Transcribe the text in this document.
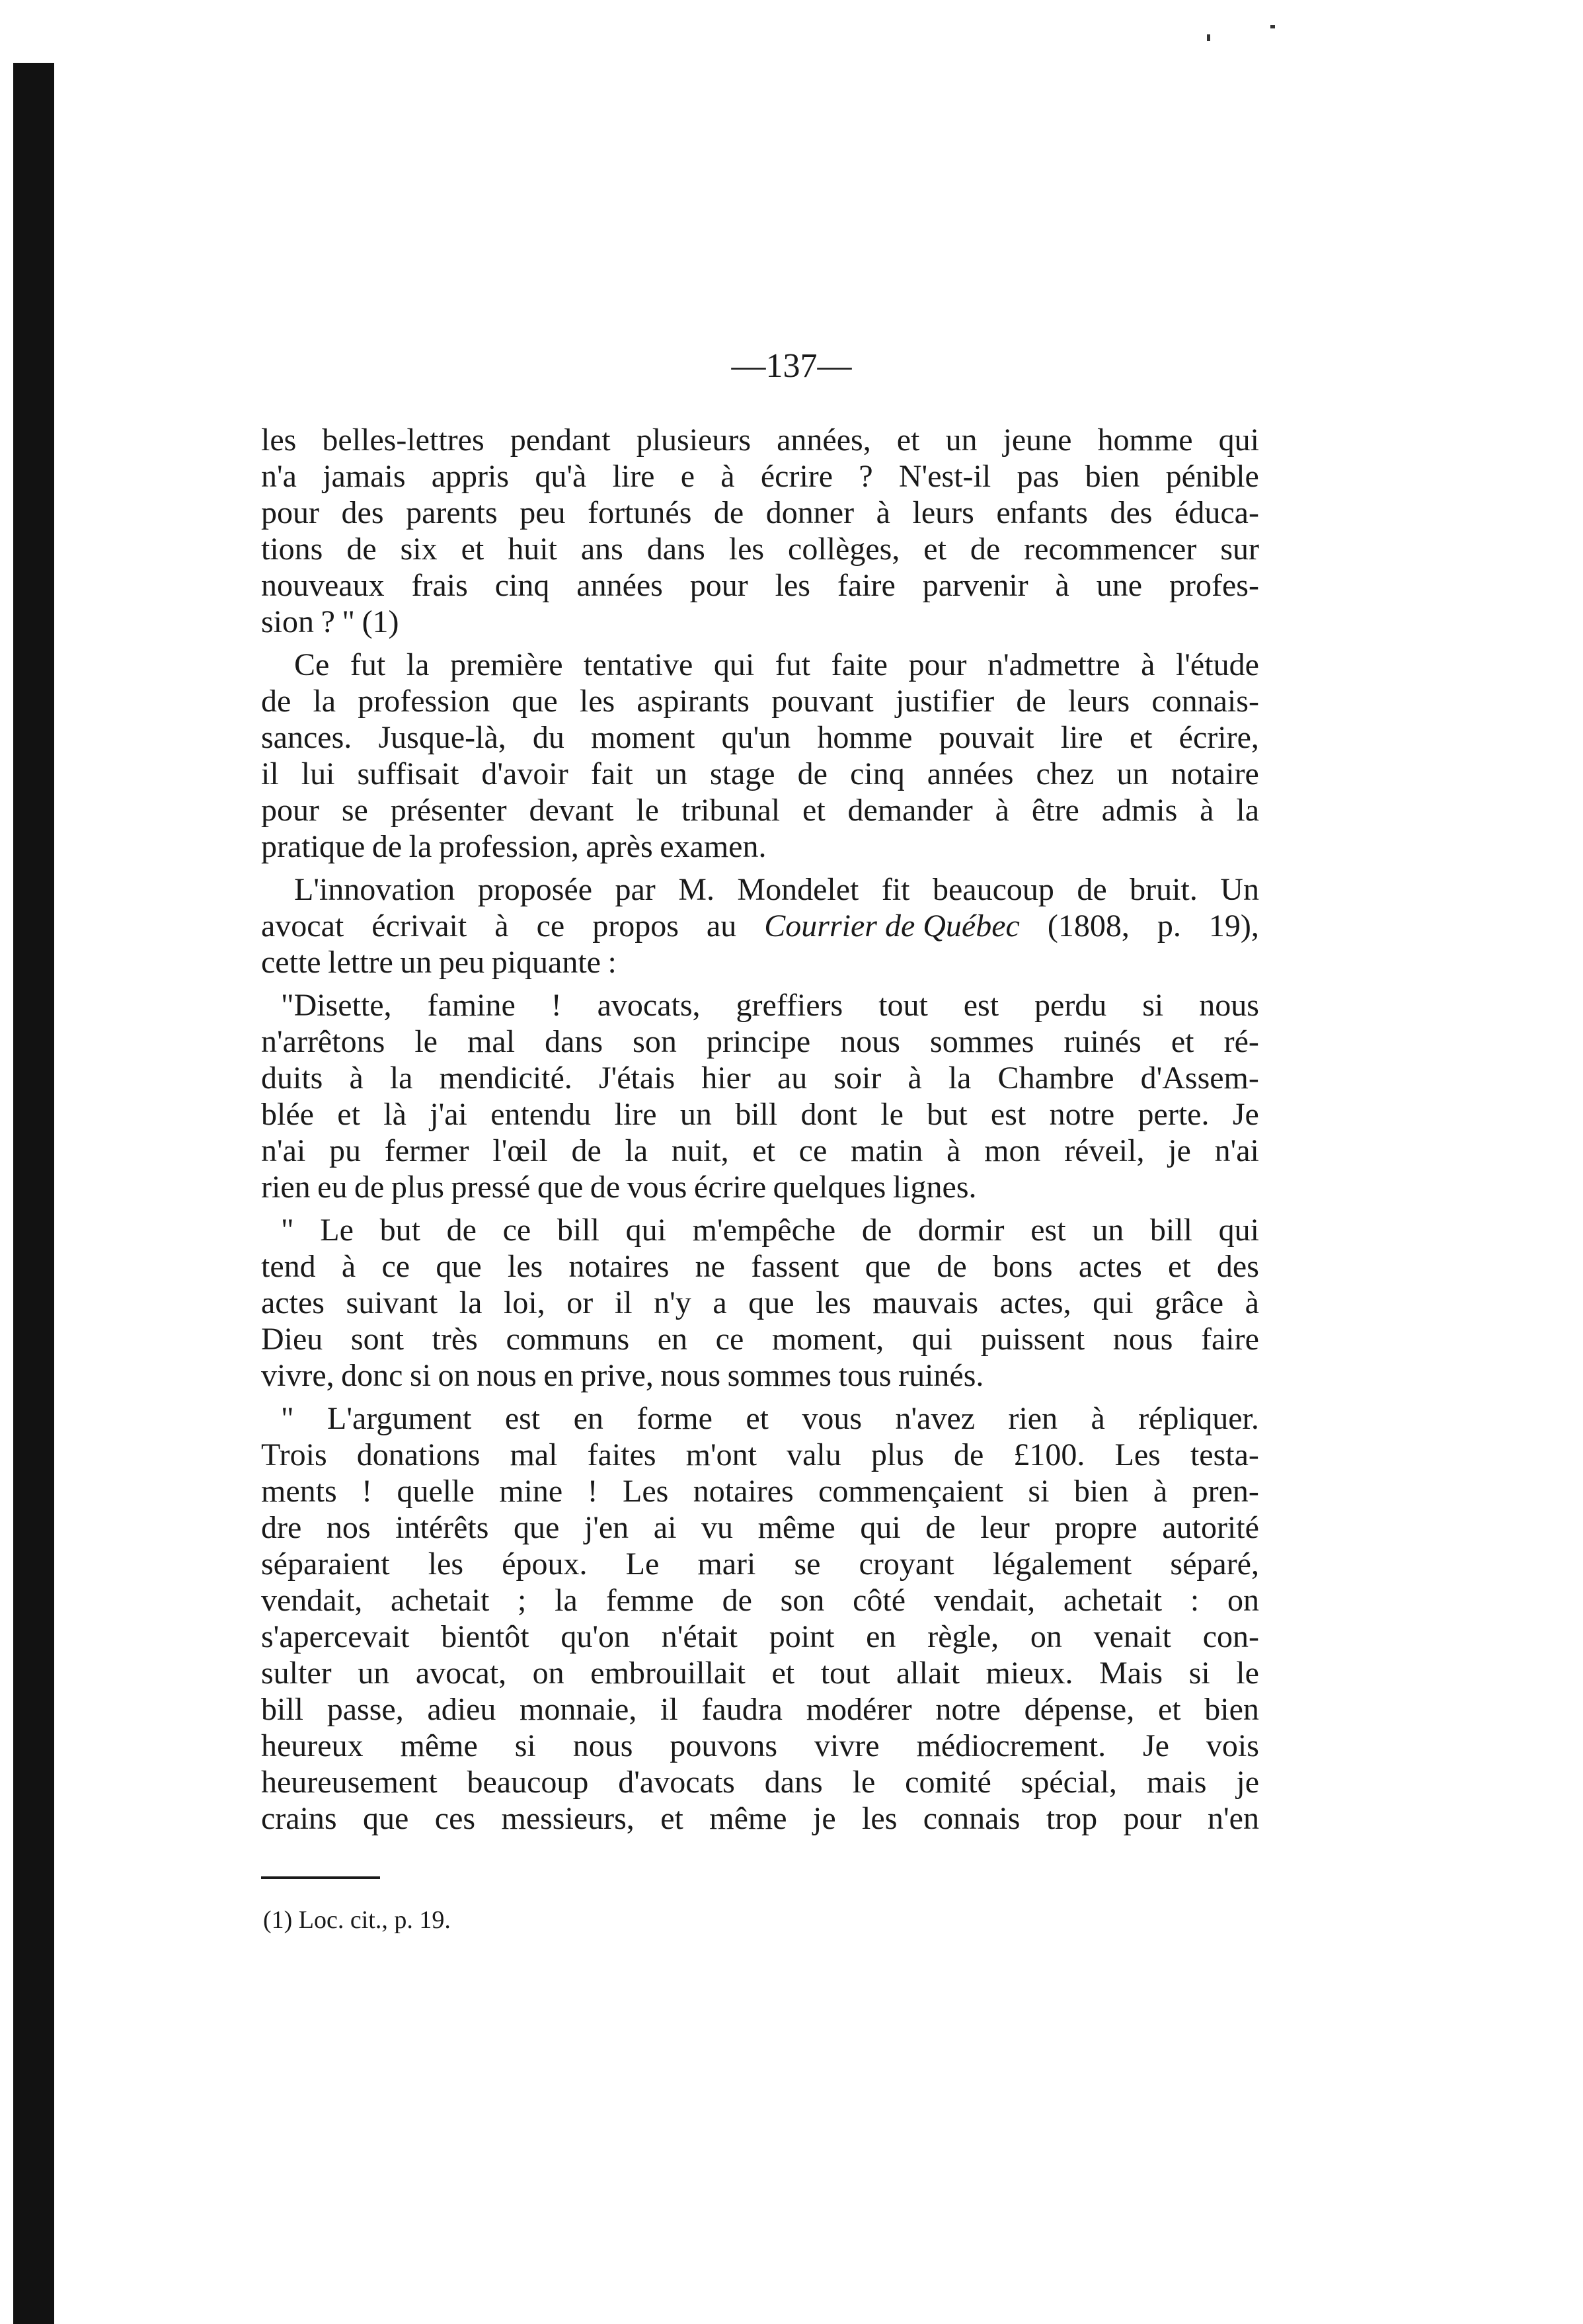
—137—
les belles-lettres pendant plusieurs années, et un jeune homme qui
n'a jamais appris qu'à lire e à écrire ? N'est-il pas bien pénible
pour des parents peu fortunés de donner à leurs enfants des éduca-
tions de six et huit ans dans les collèges, et de recommencer sur
nouveaux frais cinq années pour les faire parvenir à une profes-
sion ? " (1)
Ce fut la première tentative qui fut faite pour n'admettre à l'étude
de la profession que les aspirants pouvant justifier de leurs connais-
sances. Jusque-là, du moment qu'un homme pouvait lire et écrire,
il lui suffisait d'avoir fait un stage de cinq années chez un notaire
pour se présenter devant le tribunal et demander à être admis à la
pratique de la profession, après examen.
L'innovation proposée par M. Mondelet fit beaucoup de bruit. Un
avocat écrivait à ce propos au Courrier de Québec (1808, p. 19),
cette lettre un peu piquante :
"Disette, famine ! avocats, greffiers tout est perdu si nous
n'arrêtons le mal dans son principe nous sommes ruinés et ré-
duits à la mendicité. J'étais hier au soir à la Chambre d'Assem-
blée et là j'ai entendu lire un bill dont le but est notre perte. Je
n'ai pu fermer l'œil de la nuit, et ce matin à mon réveil, je n'ai
rien eu de plus pressé que de vous écrire quelques lignes.
" Le but de ce bill qui m'empêche de dormir est un bill qui
tend à ce que les notaires ne fassent que de bons actes et des
actes suivant la loi, or il n'y a que les mauvais actes, qui grâce à
Dieu sont très communs en ce moment, qui puissent nous faire
vivre, donc si on nous en prive, nous sommes tous ruinés.
" L'argument est en forme et vous n'avez rien à répliquer.
Trois donations mal faites m'ont valu plus de £100. Les testa-
ments ! quelle mine ! Les notaires commençaient si bien à pren-
dre nos intérêts que j'en ai vu même qui de leur propre autorité
séparaient les époux. Le mari se croyant légalement séparé,
vendait, achetait ; la femme de son côté vendait, achetait : on
s'apercevait bientôt qu'on n'était point en règle, on venait con-
sulter un avocat, on embrouillait et tout allait mieux. Mais si le
bill passe, adieu monnaie, il faudra modérer notre dépense, et bien
heureux même si nous pouvons vivre médiocrement. Je vois
heureusement beaucoup d'avocats dans le comité spécial, mais je
crains que ces messieurs, et même je les connais trop pour n'en
(1) Loc. cit., p. 19.
